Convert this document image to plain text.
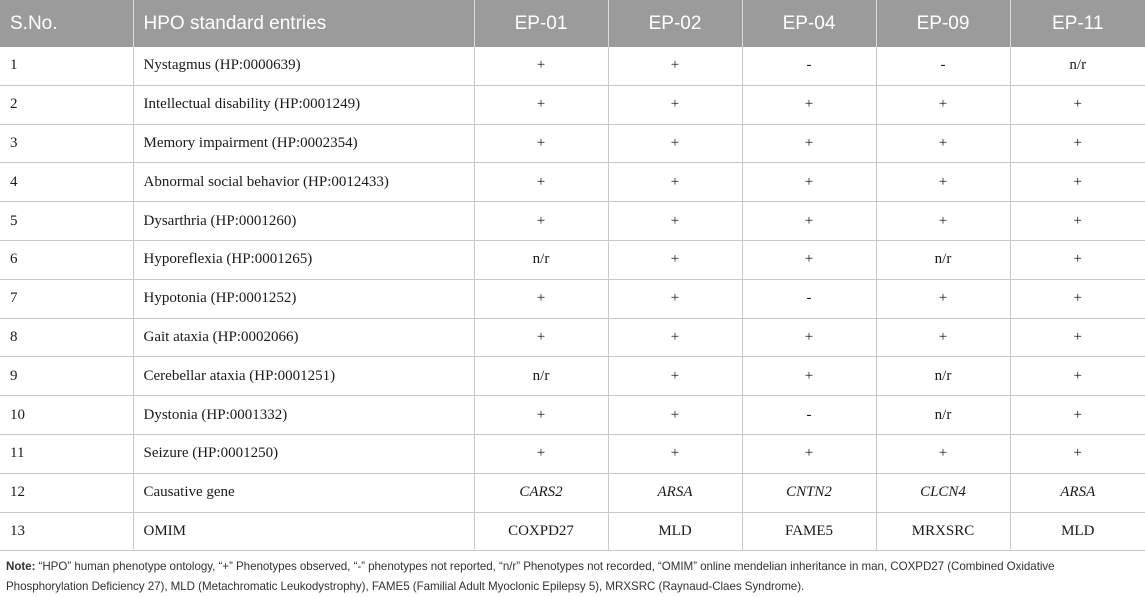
S.No.	HPO standard entries	EP-01	EP-02	EP-04	EP-09	EP-11
1	Nystagmus (HP:0000639)	+	+	-	-	n/r
2	Intellectual disability (HP:0001249)	+	+	+	+	+
3	Memory impairment (HP:0002354)	+	+	+	+	+
4	Abnormal social behavior (HP:0012433)	+	+	+	+	+
5	Dysarthria (HP:0001260)	+	+	+	+	+
6	Hyporeflexia (HP:0001265)	n/r	+	+	n/r	+
7	Hypotonia (HP:0001252)	+	+	-	+	+
8	Gait ataxia (HP:0002066)	+	+	+	+	+
9	Cerebellar ataxia (HP:0001251)	n/r	+	+	n/r	+
10	Dystonia (HP:0001332)	+	+	-	n/r	+
11	Seizure (HP:0001250)	+	+	+	+	+
12	Causative gene	CARS2	ARSA	CNTN2	CLCN4	ARSA
13	OMIM	COXPD27	MLD	FAME5	MRXSRC	MLD
Note: “HPO” human phenotype ontology, “+” Phenotypes observed, “-” phenotypes not reported, “n/r” Phenotypes not recorded, “OMIM” online mendelian inheritance in man, COXPD27 (Combined Oxidative Phosphorylation Deficiency 27), MLD (Metachromatic Leukodystrophy), FAME5 (Familial Adult Myoclonic Epilepsy 5), MRXSRC (Raynaud-Claes Syndrome).
